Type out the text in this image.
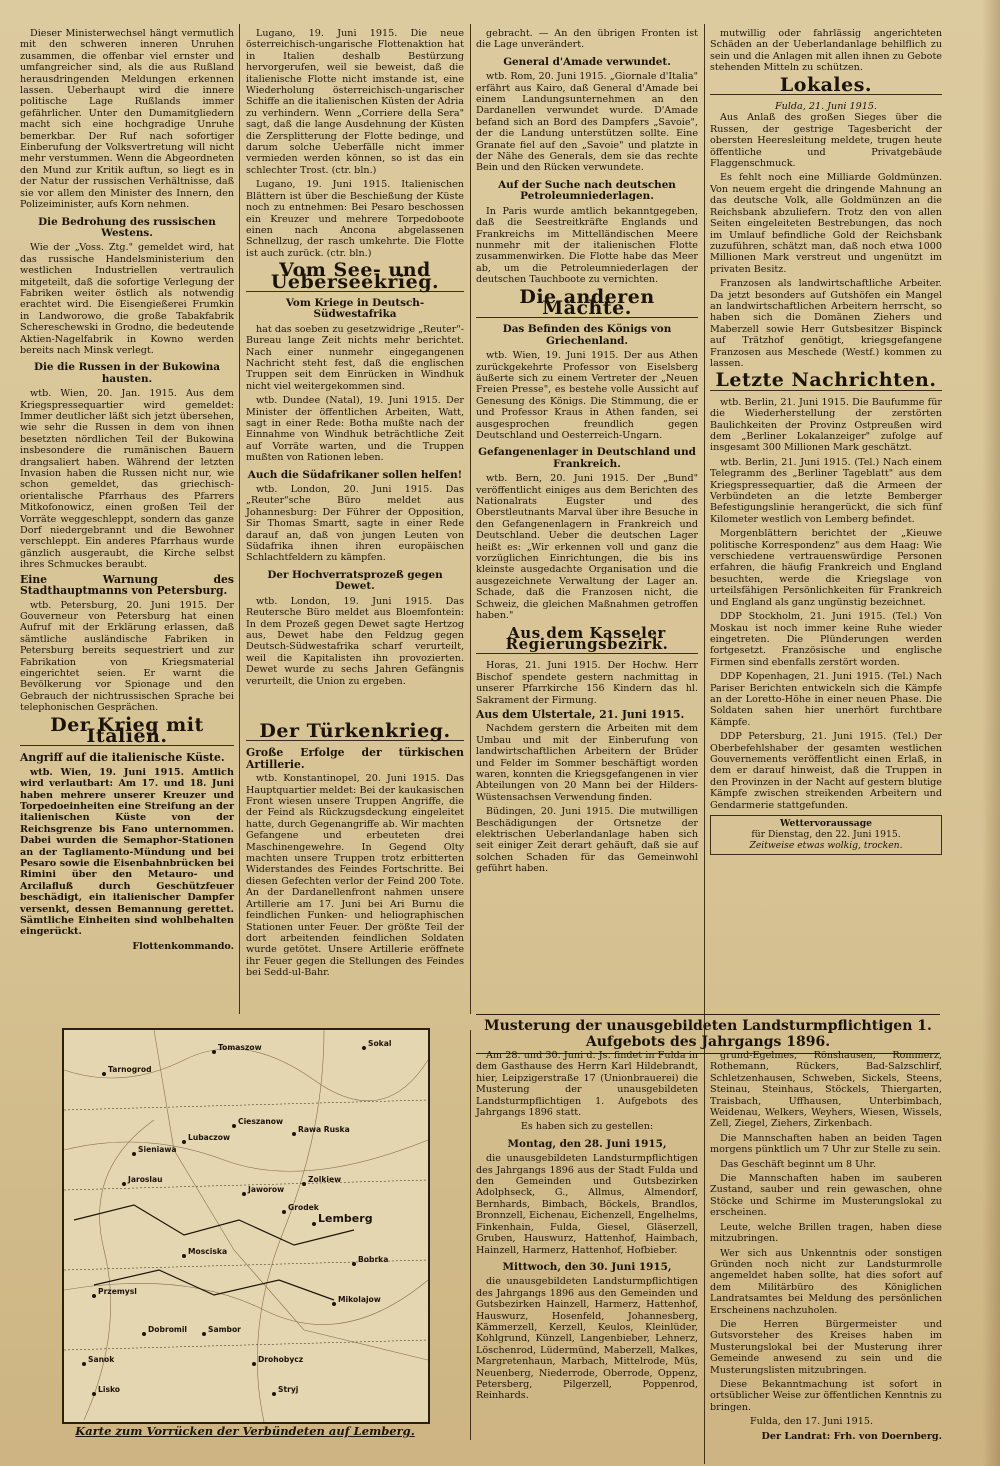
Dieser Ministerwechsel hängt vermutlich mit den schweren inneren Unruhen zusammen, die offenbar viel ernster und umfangreicher sind, als die aus Rußland herausdringenden Meldungen erkennen lassen. Ueberhaupt wird die innere politische Lage Rußlands immer gefährlicher. Unter den Dumamitgliedern macht sich eine hochgradige Unruhe bemerkbar. Der Ruf nach sofortiger Einberufung der Volksvertretung will nicht mehr verstummen. Wenn die Abgeordneten den Mund zur Kritik auftun, so liegt es in der Natur der russischen Verhältnisse, daß sie vor allem den Minister des Innern, den Polizeiminister, aufs Korn nehmen.

Die Bedrohung des russischen Westens.

Wie der „Voss. Ztg." gemeldet wird, hat das russische Handelsministerium den westlichen Industriellen vertraulich mitgeteilt, daß die sofortige Verlegung der Fabriken weiter östlich als notwendig erachtet wird. Die Eisengießerei Frumkin in Landworowo, die große Tabakfabrik Schereschewski in Grodno, die bedeutende Aktien-Nagelfabrik in Kowno werden bereits nach Minsk verlegt.

Die die Russen in der Bukowina hausten.

wtb. Wien, 20. Jan. 1915. Aus dem Kriegspressequartier wird gemeldet: Immer deutlicher läßt sich jetzt übersehen, wie sehr die Russen in dem von ihnen besetzten nördlichen Teil der Bukowina insbesondere die rumänischen Bauern drangsaliert haben. Während der letzten Invasion haben die Russen nicht nur, wie schon gemeldet, das griechisch-orientalische Pfarrhaus des Pfarrers Mitkofonowicz, einen großen Teil der Vorräte weggeschleppt, sondern das ganze Dorf niedergebrannt und die Bewohner verschleppt. Ein anderes Pfarrhaus wurde gänzlich ausgeraubt, die Kirche selbst ihres Schmuckes beraubt.

Eine Warnung des Stadthauptmanns von Petersburg.

wtb. Petersburg, 20. Juni 1915. Der Gouverneur von Petersburg hat einen Aufruf mit der Erklärung erlassen, daß sämtliche ausländische Fabriken in Petersburg bereits sequestriert und zur Fabrikation von Kriegsmaterial eingerichtet seien. Er warnt die Bevölkerung vor Spionage und den Gebrauch der nichtrussischen Sprache bei telephonischen Gesprächen.

Der Krieg mit Italien.
Angriff auf die italienische Küste.

wtb. Wien, 19. Juni 1915. Amtlich wird verlautbart: Am 17. und 18. Juni haben mehrere unserer Kreuzer und Torpedoeinheiten eine Streifung an der italienischen Küste von der Reichsgrenze bis Fano unternommen. Dabei wurden die Semaphor-Stationen an der Tagliamento-Mündung und bei Pesaro sowie die Eisenbahnbrücken bei Rimini über den Metauro- und Arcilafluß durch Geschützfeuer beschädigt, ein italienischer Dampfer versenkt, dessen Bemannung gerettet. Sämtliche Einheiten sind wohlbehalten eingerückt.

Flottenkommando.

Lugano, 19. Juni 1915. Die neue österreichisch-ungarische Flottenaktion hat in Italien deshalb Bestürzung hervorgerufen, weil sie beweist, daß die italienische Flotte nicht imstande ist, eine Wiederholung österreichisch-ungarischer Schiffe an die italienischen Küsten der Adria zu verhindern. Wenn „Corriere della Sera" sagt, daß die lange Ausdehnung der Küsten die Zersplitterung der Flotte bedinge, und darum solche Ueberfälle nicht immer vermieden werden können, so ist das ein schlechter Trost. (ctr. bln.)

Lugano, 19. Juni 1915. Italienischen Blättern ist über die Beschießung der Küste noch zu entnehmen: Bei Pesaro beschossen ein Kreuzer und mehrere Torpedoboote einen nach Ancona abgelassenen Schnellzug, der rasch umkehrte. Die Flotte ist auch zurück. (ctr. bln.)

Vom See- und Ueberseekrieg.
Vom Kriege in Deutsch-Südwestafrika

hat das soeben zu gesetzwidrige „Reuter"-Bureau lange Zeit nichts mehr berichtet. Nach einer nunmehr eingegangenen Nachricht steht fest, daß die englischen Truppen seit dem Einrücken in Windhuk nicht viel weitergekommen sind.

wtb. Dundee (Natal), 19. Juni 1915. Der Minister der öffentlichen Arbeiten, Watt, sagt in einer Rede: Botha mußte nach der Einnahme von Windhuk beträchtliche Zeit auf Vorräte warten, und die Truppen mußten von Rationen leben.

Auch die Südafrikaner sollen helfen!

wtb. London, 20. Juni 1915. Das „Reuter"sche Büro meldet aus Johannesburg: Der Führer der Opposition, Sir Thomas Smartt, sagte in einer Rede darauf an, daß von jungen Leuten von Südafrika ihnen ihren europäischen Schlachtfeldern zu kämpfen.

Der Hochverratsprozeß gegen Dewet.

wtb. London, 19. Juni 1915. Das Reutersche Büro meldet aus Bloemfontein: In dem Prozeß gegen Dewet sagte Hertzog aus, Dewet habe den Feldzug gegen Deutsch-Südwestafrika scharf verurteilt, weil die Kapitalisten ihn provozierten. Dewet wurde zu sechs Jahren Gefängnis verurteilt, die Union zu ergeben.

Der Türkenkrieg.
Große Erfolge der türkischen Artillerie.

wtb. Konstantinopel, 20. Juni 1915. Das Hauptquartier meldet: Bei der kaukasischen Front wiesen unsere Truppen Angriffe, die der Feind als Rückzugsdeckung eingeleitet hatte, durch Gegenangriffe ab. Wir machten Gefangene und erbeuteten drei Maschinengewehre. In Gegend Olty machten unsere Truppen trotz erbitterten Widerstandes des Feindes Fortschritte. Bei diesen Gefechten verlor der Feind 200 Tote. An der Dardanellenfront nahmen unsere Artillerie am 17. Juni bei Ari Burnu die feindlichen Funken- und heliographischen Stationen unter Feuer. Der größte Teil der dort arbeitenden feindlichen Soldaten wurde getötet. Unsere Artillerie eröffnete ihr Feuer gegen die Stellungen des Feindes bei Sedd-ul-Bahr.

gebracht. — An den übrigen Fronten ist die Lage unverändert.

General d'Amade verwundet.

wtb. Rom, 20. Juni 1915. „Giornale d'Italia" erfährt aus Kairo, daß General d'Amade bei einem Landungsunternehmen an den Dardanellen verwundet wurde. D'Amade befand sich an Bord des Dampfers „Savoie", der die Landung unterstützen sollte. Eine Granate fiel auf den „Savoie" und platzte in der Nähe des Generals, dem sie das rechte Bein und den Rücken verwundete.

Auf der Suche nach deutschen Petroleumniederlagen.

In Paris wurde amtlich bekanntgegeben, daß die Seestreitkräfte Englands und Frankreichs im Mittelländischen Meere nunmehr mit der italienischen Flotte zusammenwirken. Die Flotte habe das Meer ab, um die Petroleumniederlagen der deutschen Tauchboote zu vernichten.

Die anderen Mächte.
Das Befinden des Königs von Griechenland.

wtb. Wien, 19. Juni 1915. Der aus Athen zurückgekehrte Professor von Eiselsberg äußerte sich zu einem Vertreter der „Neuen Freien Presse", es bestehe volle Aussicht auf Genesung des Königs. Die Stimmung, die er und Professor Kraus in Athen fanden, sei ausgesprochen freundlich gegen Deutschland und Oesterreich-Ungarn.

Gefangenenlager in Deutschland und Frankreich.

wtb. Bern, 20. Juni 1915. Der „Bund" veröffentlicht einiges aus dem Berichten des Nationalrats Eugster und des Oberstleutnants Marval über ihre Besuche in den Gefangenenlagern in Frankreich und Deutschland. Ueber die deutschen Lager heißt es: „Wir erkennen voll und ganz die vorzüglichen Einrichtungen, die bis ins kleinste ausgedachte Organisation und die ausgezeichnete Verwaltung der Lager an. Schade, daß die Franzosen nicht, die Schweiz, die gleichen Maßnahmen getroffen haben."

Aus dem Kasseler Regierungsbezirk.

Horas, 21. Juni 1915. Der Hochw. Herr Bischof spendete gestern nachmittag in unserer Pfarrkirche 156 Kindern das hl. Sakrament der Firmung.

Aus dem Ulstertale, 21. Juni 1915.

Nachdem gerstern die Arbeiten mit dem Umbau und mit der Einberufung von landwirtschaftlichen Arbeitern der Brüder und Felder im Sommer beschäftigt worden waren, konnten die Kriegsgefangenen in vier Abteilungen von 20 Mann bei der Hilders-Wüstensachsen Verwendung finden.

Büdingen, 20. Juni 1915. Die mutwilligen Beschädigungen der Ortsnetze der elektrischen Ueberlandanlage haben sich seit einiger Zeit derart gehäuft, daß sie auf solchen Schaden für das Gemeinwohl geführt haben.

mutwillig oder fahrlässig angerichteten Schäden an der Ueberlandanlage behilflich zu sein und die Anlagen mit allen ihnen zu Gebote stehenden Mitteln zu schützen.

Lokales.
Fulda, 21. Juni 1915.

Aus Anlaß des großen Sieges über die Russen, der gestrige Tagesbericht der obersten Heeresleitung meldete, trugen heute öffentliche und Privatgebäude Flaggenschmuck.

Es fehlt noch eine Milliarde Goldmünzen. Von neuem ergeht die dringende Mahnung an das deutsche Volk, alle Goldmünzen an die Reichsbank abzuliefern. Trotz den von allen Seiten eingeleiteten Bestrebungen, das noch im Umlauf befindliche Gold der Reichsbank zuzuführen, schätzt man, daß noch etwa 1000 Millionen Mark verstreut und ungenützt im privaten Besitz.

Franzosen als landwirtschaftliche Arbeiter. Da jetzt besonders auf Gutshöfen ein Mangel an landwirtschaftlichen Arbeitern herrscht, so haben sich die Domänen Ziehers und Maberzell sowie Herr Gutsbesitzer Bispinck auf Trätzhof genötigt, kriegsgefangene Franzosen aus Meschede (Westf.) kommen zu lassen.

Letzte Nachrichten.

wtb. Berlin, 21. Juni 1915. Die Baufumme für die Wiederherstellung der zerstörten Baulichkeiten der Provinz Ostpreußen wird dem „Berliner Lokalanzeiger" zufolge auf insgesamt 300 Millionen Mark geschätzt.

wtb. Berlin, 21. Juni 1915. (Tel.) Nach einem Telegramm des „Berliner Tageblatt" aus dem Kriegspressequartier, daß die Armeen der Verbündeten an die letzte Bemberger Befestigungslinie herangerückt, die sich fünf Kilometer westlich von Lemberg befindet.

Morgenblättern berichtet der „Kieuwe politische Korrespondenz" aus dem Haag: Wie verschiedene vertrauenswürdige Personen erfahren, die häufig Frankreich und England besuchten, werde die Kriegslage von urteilsfähigen Persönlichkeiten für Frankreich und England als ganz ungünstig bezeichnet.

DDP Stockholm, 21. Juni 1915. (Tel.) Von Moskau ist noch immer keine Ruhe wieder eingetreten. Die Plünderungen werden fortgesetzt. Französische und englische Firmen sind ebenfalls zerstört worden.

DDP Kopenhagen, 21. Juni 1915. (Tel.) Nach Pariser Berichten entwickeln sich die Kämpfe an der Loretto-Höhe in einer neuen Phase. Die Soldaten sahen hier unerhört furchtbare Kämpfe.

DDP Petersburg, 21. Juni 1915. (Tel.) Der Oberbefehlshaber der gesamten westlichen Gouvernements veröffentlicht einen Erlaß, in dem er darauf hinweist, daß die Truppen in den Provinzen in der Nacht auf gestern blutige Kämpfe zwischen streikenden Arbeitern und Gendarmerie stattgefunden.

Wettervoraussage
für Dienstag, den 22. Juni 1915.
Zeitweise etwas wolkig, trocken.
Tomaszow
Tarnogrod
Sokal
Cieszanow
Lubaczow
Jaroslau
Przemysl
Mosciska
Grodek
Lemberg
Zolkiew
Jaworow
Sambor
Drohobycz
Stryj
Rawa Ruska
Bobrka
Mikolajow
Dobromil
Sanok
Lisko
Sieniawa
Karte zum Vorrücken der Verbündeten auf Lemberg.
Musterung der unausgebildeten Landsturmpflichtigen 1. Aufgebots des Jahrgangs 1896.

Am 28. und 30. Juni d. Js. findet in Fulda in dem Gasthause des Herrn Karl Hildebrandt, hier, Leipzigerstraße 17 (Unionbrauerei) die Musterung der unausgebildeten Landsturmpflichtigen 1. Aufgebots des Jahrgangs 1896 statt.

Es haben sich zu gestellen:

Montag, den 28. Juni 1915,

die unausgebildeten Landsturmpflichtigen des Jahrgangs 1896 aus der Stadt Fulda und den Gemeinden und Gutsbezirken Adolphseck, G., Allmus, Almendorf, Bernhards, Bimbach, Böckels, Brandlos, Bronnzell, Eichenau, Eichenzell, Engelhelms, Finkenhain, Fulda, Giesel, Gläserzell, Gruben, Hauswurz, Hattenhof, Haimbach, Hainzell, Harmerz, Hattenhof, Hofbieber.

Mittwoch, den 30. Juni 1915,

die unausgebildeten Landsturmpflichtigen des Jahrgangs 1896 aus den Gemeinden und Gutsbezirken Hainzell, Harmerz, Hattenhof, Hauswurz, Hosenfeld, Johannesberg, Kämmerzell, Kerzell, Keulos, Kleinlüder, Kohlgrund, Künzell, Langenbieber, Lehnerz, Löschenrod, Lüdermünd, Maberzell, Malkes, Margretenhaun, Marbach, Mittelrode, Müs, Neuenberg, Niederrode, Oberrode, Oppenz, Petersberg, Pilgerzell, Poppenrod, Reinhards.

grund-Egelmes, Rönshausen, Rommerz, Rothemann, Rückers, Bad-Salzschlirf, Schletzenhausen, Schweben, Sickels, Steens, Steinau, Steinhaus, Stöckels, Thiergarten, Traisbach, Uffhausen, Unterbimbach, Weidenau, Welkers, Weyhers, Wiesen, Wissels, Zell, Ziegel, Ziehers, Zirkenbach.

Die Mannschaften haben an beiden Tagen morgens pünktlich um 7 Uhr zur Stelle zu sein.

Das Geschäft beginnt um 8 Uhr.

Die Mannschaften haben im sauberen Zustand, sauber und rein gewaschen, ohne Stöcke und Schirme im Musterungslokal zu erscheinen.

Leute, welche Brillen tragen, haben diese mitzubringen.

Wer sich aus Unkenntnis oder sonstigen Gründen noch nicht zur Landsturmrolle angemeldet haben sollte, hat dies sofort auf dem Militärbüro des Königlichen Landratsamtes bei Meldung des persönlichen Erscheinens nachzuholen.

Die Herren Bürgermeister und Gutsvorsteher des Kreises haben im Musterungslokal bei der Musterung ihrer Gemeinde anwesend zu sein und die Musterungslisten mitzubringen.

Diese Bekanntmachung ist sofort in ortsüblicher Weise zur öffentlichen Kenntnis zu bringen.

Fulda, den 17. Juni 1915.

Der Landrat: Frh. von Doernberg.
